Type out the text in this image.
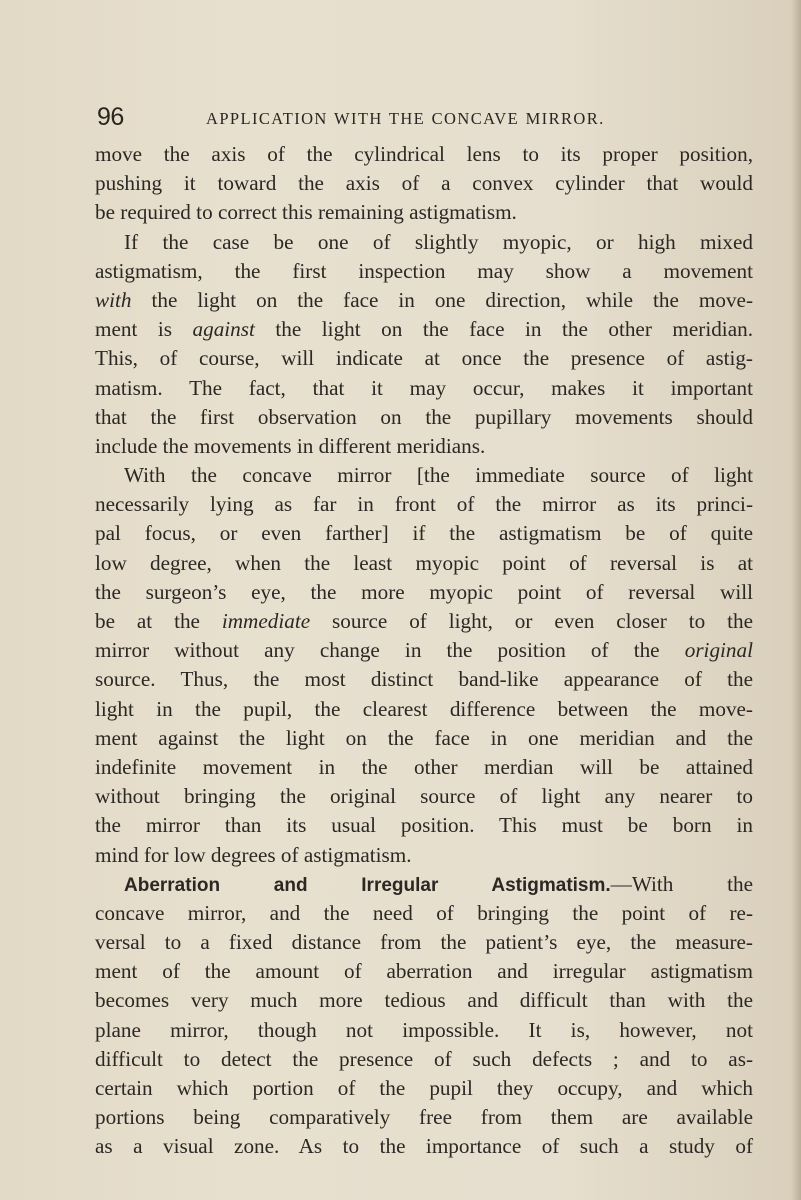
96	APPLICATION WITH THE CONCAVE MIRROR.
move the axis of the cylindrical lens to its proper position,
pushing it toward the axis of a convex cylinder that would
be required to correct this remaining astigmatism.
If the case be one of slightly myopic, or high mixed
astigmatism, the first inspection may show a movement
with the light on the face in one direction, while the move-
ment is against the light on the face in the other meridian.
This, of course, will indicate at once the presence of astig-
matism. The fact, that it may occur, makes it important
that the first observation on the pupillary movements should
include the movements in different meridians.
With the concave mirror [the immediate source of light
necessarily lying as far in front of the mirror as its princi-
pal focus, or even farther] if the astigmatism be of quite
low degree, when the least myopic point of reversal is at
the surgeon’s eye, the more myopic point of reversal will
be at the immediate source of light, or even closer to the
mirror without any change in the position of the original
source. Thus, the most distinct band-like appearance of the
light in the pupil, the clearest difference between the move-
ment against the light on the face in one meridian and the
indefinite movement in the other merdian will be attained
without bringing the original source of light any nearer to
the mirror than its usual position. This must be born in
mind for low degrees of astigmatism.
Aberration and Irregular Astigmatism.—With the
concave mirror, and the need of bringing the point of re-
versal to a fixed distance from the patient’s eye, the measure-
ment of the amount of aberration and irregular astigmatism
becomes very much more tedious and difficult than with the
plane mirror, though not impossible. It is, however, not
difficult to detect the presence of such defects ; and to as-
certain which portion of the pupil they occupy, and which
portions being comparatively free from them are available
as a visual zone. As to the importance of such a study of
